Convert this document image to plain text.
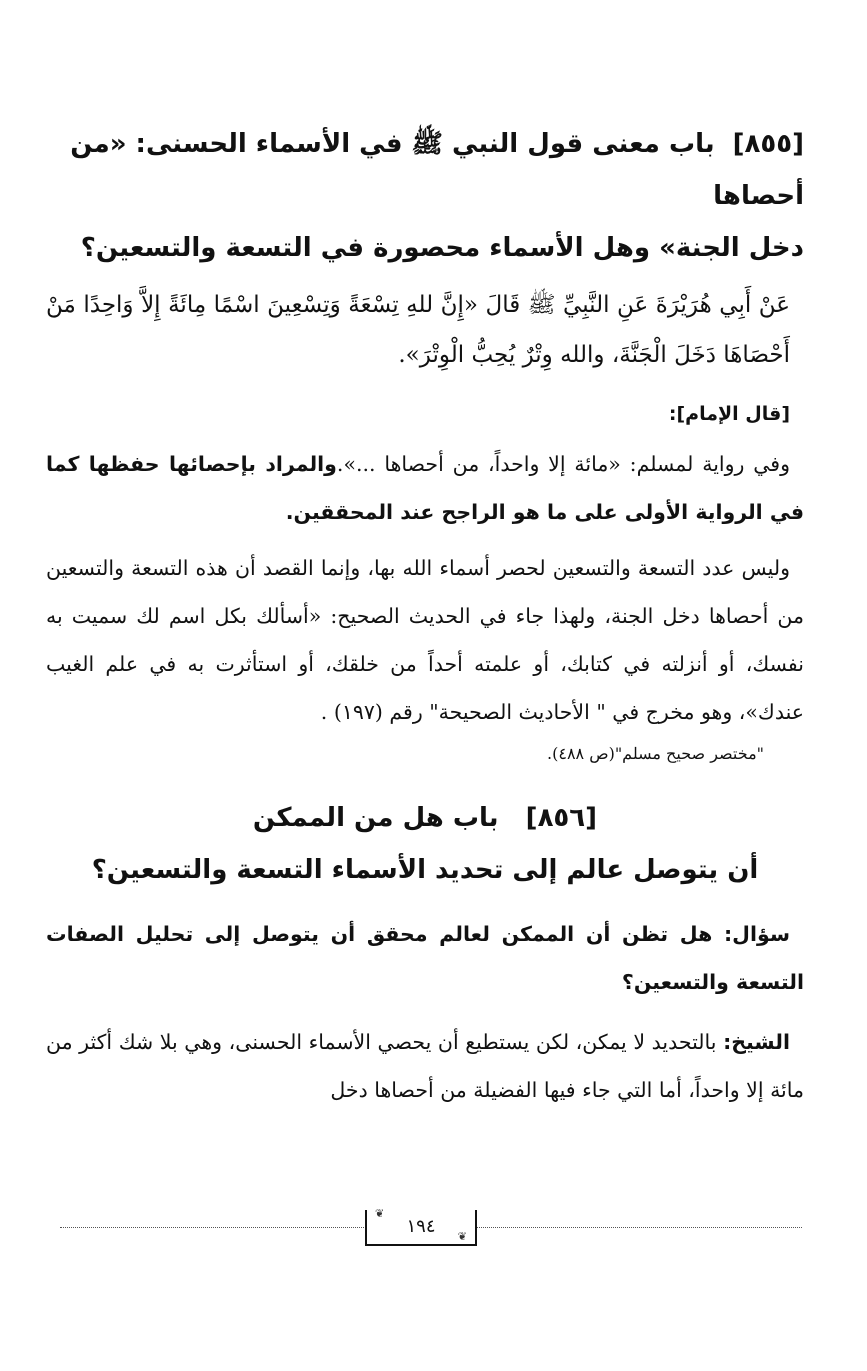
[٨٥٥]باب معنى قول النبي ﷺ في الأسماء الحسنى: «من أحصاها
دخل الجنة» وهل الأسماء محصورة في التسعة والتسعين؟
عَنْ أَبِي هُرَيْرَةَ عَنِ النَّبِيِّ ﷺ قَالَ «إِنَّ للهِ تِسْعَةً وَتِسْعِينَ اسْمًا مِائَةً إِلاَّ وَاحِدًا مَنْ أَحْصَاهَا دَخَلَ الْجَنَّةَ، والله وِتْرٌ يُحِبُّ الْوِتْرَ».
[قال الإمام]:

وفي رواية لمسلم: «مائة إلا واحداً، من أحصاها ...».والمراد بإحصائها حفظها كما في الرواية الأولى على ما هو الراجح عند المحققين.

وليس عدد التسعة والتسعين لحصر أسماء الله بها، وإنما القصد أن هذه التسعة والتسعين من أحصاها دخل الجنة، ولهذا جاء في الحديث الصحيح: «أسألك بكل اسم لك سميت به نفسك، أو أنزلته في كتابك، أو علمته أحداً من خلقك، أو استأثرت به في علم الغيب عندك»، وهو مخرج في " الأحاديث الصحيحة" رقم (١٩٧) .

"مختصر صحيح مسلم"(ص ٤٨٨).
[٨٥٦]   باب هل من الممكن
أن يتوصل عالم إلى تحديد الأسماء التسعة والتسعين؟

سؤال: هل تظن أن الممكن لعالم محقق أن يتوصل إلى تحليل الصفات التسعة والتسعين؟

الشيخ: بالتحديد لا يمكن، لكن يستطيع أن يحصي الأسماء الحسنى، وهي بلا شك أكثر من مائة إلا واحداً، أما التي جاء فيها الفضيلة من أحصاها دخل

❦
١٩٤ ❦
